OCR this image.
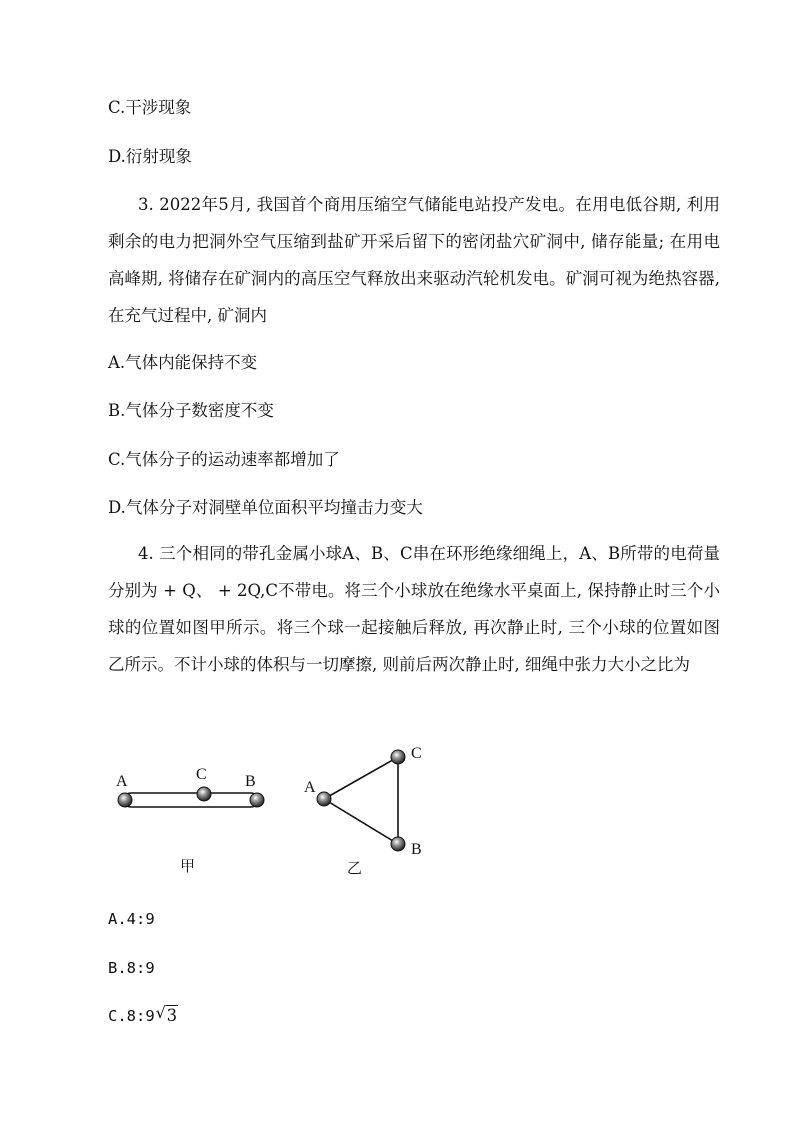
C.干涉现象
D.衍射现象
3. 2022年5月, 我国首个商用压缩空气储能电站投产发电。在用电低谷期, 利用剩余的电力把洞外空气压缩到盐矿开采后留下的密闭盐穴矿洞中, 储存能量; 在用电高峰期, 将储存在矿洞内的高压空气释放出来驱动汽轮机发电。矿洞可视为绝热容器, 在充气过程中, 矿洞内
A.气体内能保持不变
B.气体分子数密度不变
C.气体分子的运动速率都增加了
D.气体分子对洞壁单位面积平均撞击力变大
4. 三个相同的带孔金属小球A、B、C串在环形绝缘细绳上，A、B所带的电荷量分别为 + Q、 + 2Q,C不带电。将三个小球放在绝缘水平桌面上, 保持静止时三个小球的位置如图甲所示。将三个球一起接触后释放, 再次静止时, 三个小球的位置如图乙所示。不计小球的体积与一切摩擦, 则前后两次静止时, 细绳中张力大小之比为
A	C B
甲
A
C
B
乙
A.4:9
B.8:9
C.8:9 √ 3
